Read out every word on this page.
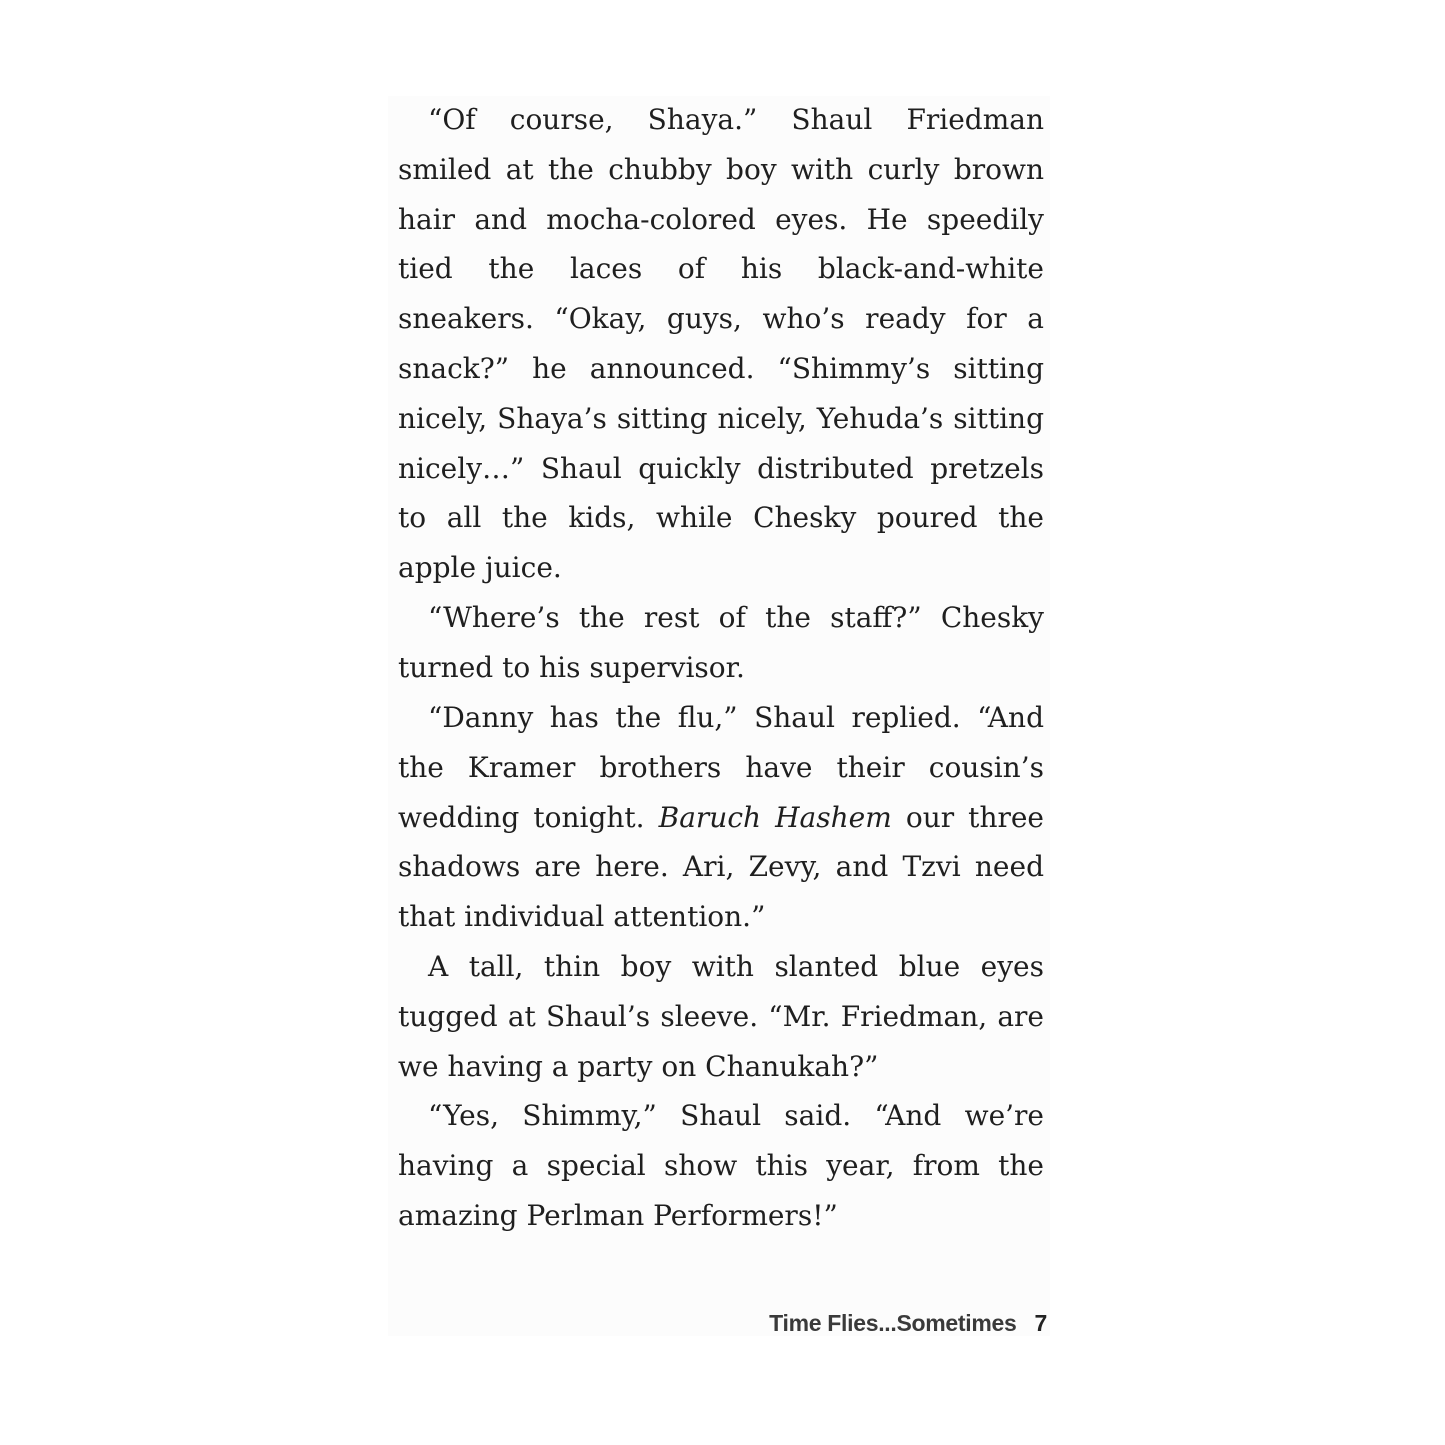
“Of course, Shaya.” Shaul Friedman smiled at the chubby boy with curly brown hair and mocha-colored eyes. He speedily tied the laces of his black-and-white sneakers. “Okay, guys, who’s ready for a snack?” he announced. “Shimmy’s sitting nicely, Shaya’s sitting nicely, Yehuda’s sitting nicely…” Shaul quickly distributed pretzels to all the kids, while Chesky poured the apple juice.

“Where’s the rest of the staff?” Chesky turned to his supervisor.

“Danny has the flu,” Shaul replied. “And the Kramer brothers have their cousin’s wedding tonight. Baruch Hashem our three shadows are here. Ari, Zevy, and Tzvi need that individual attention.”

A tall, thin boy with slanted blue eyes tugged at Shaul’s sleeve. “Mr. Friedman, are we having a party on Chanukah?”

“Yes, Shimmy,” Shaul said. “And we’re having a special show this year, from the amazing Perlman Performers!”

Time Flies...Sometimes 7
